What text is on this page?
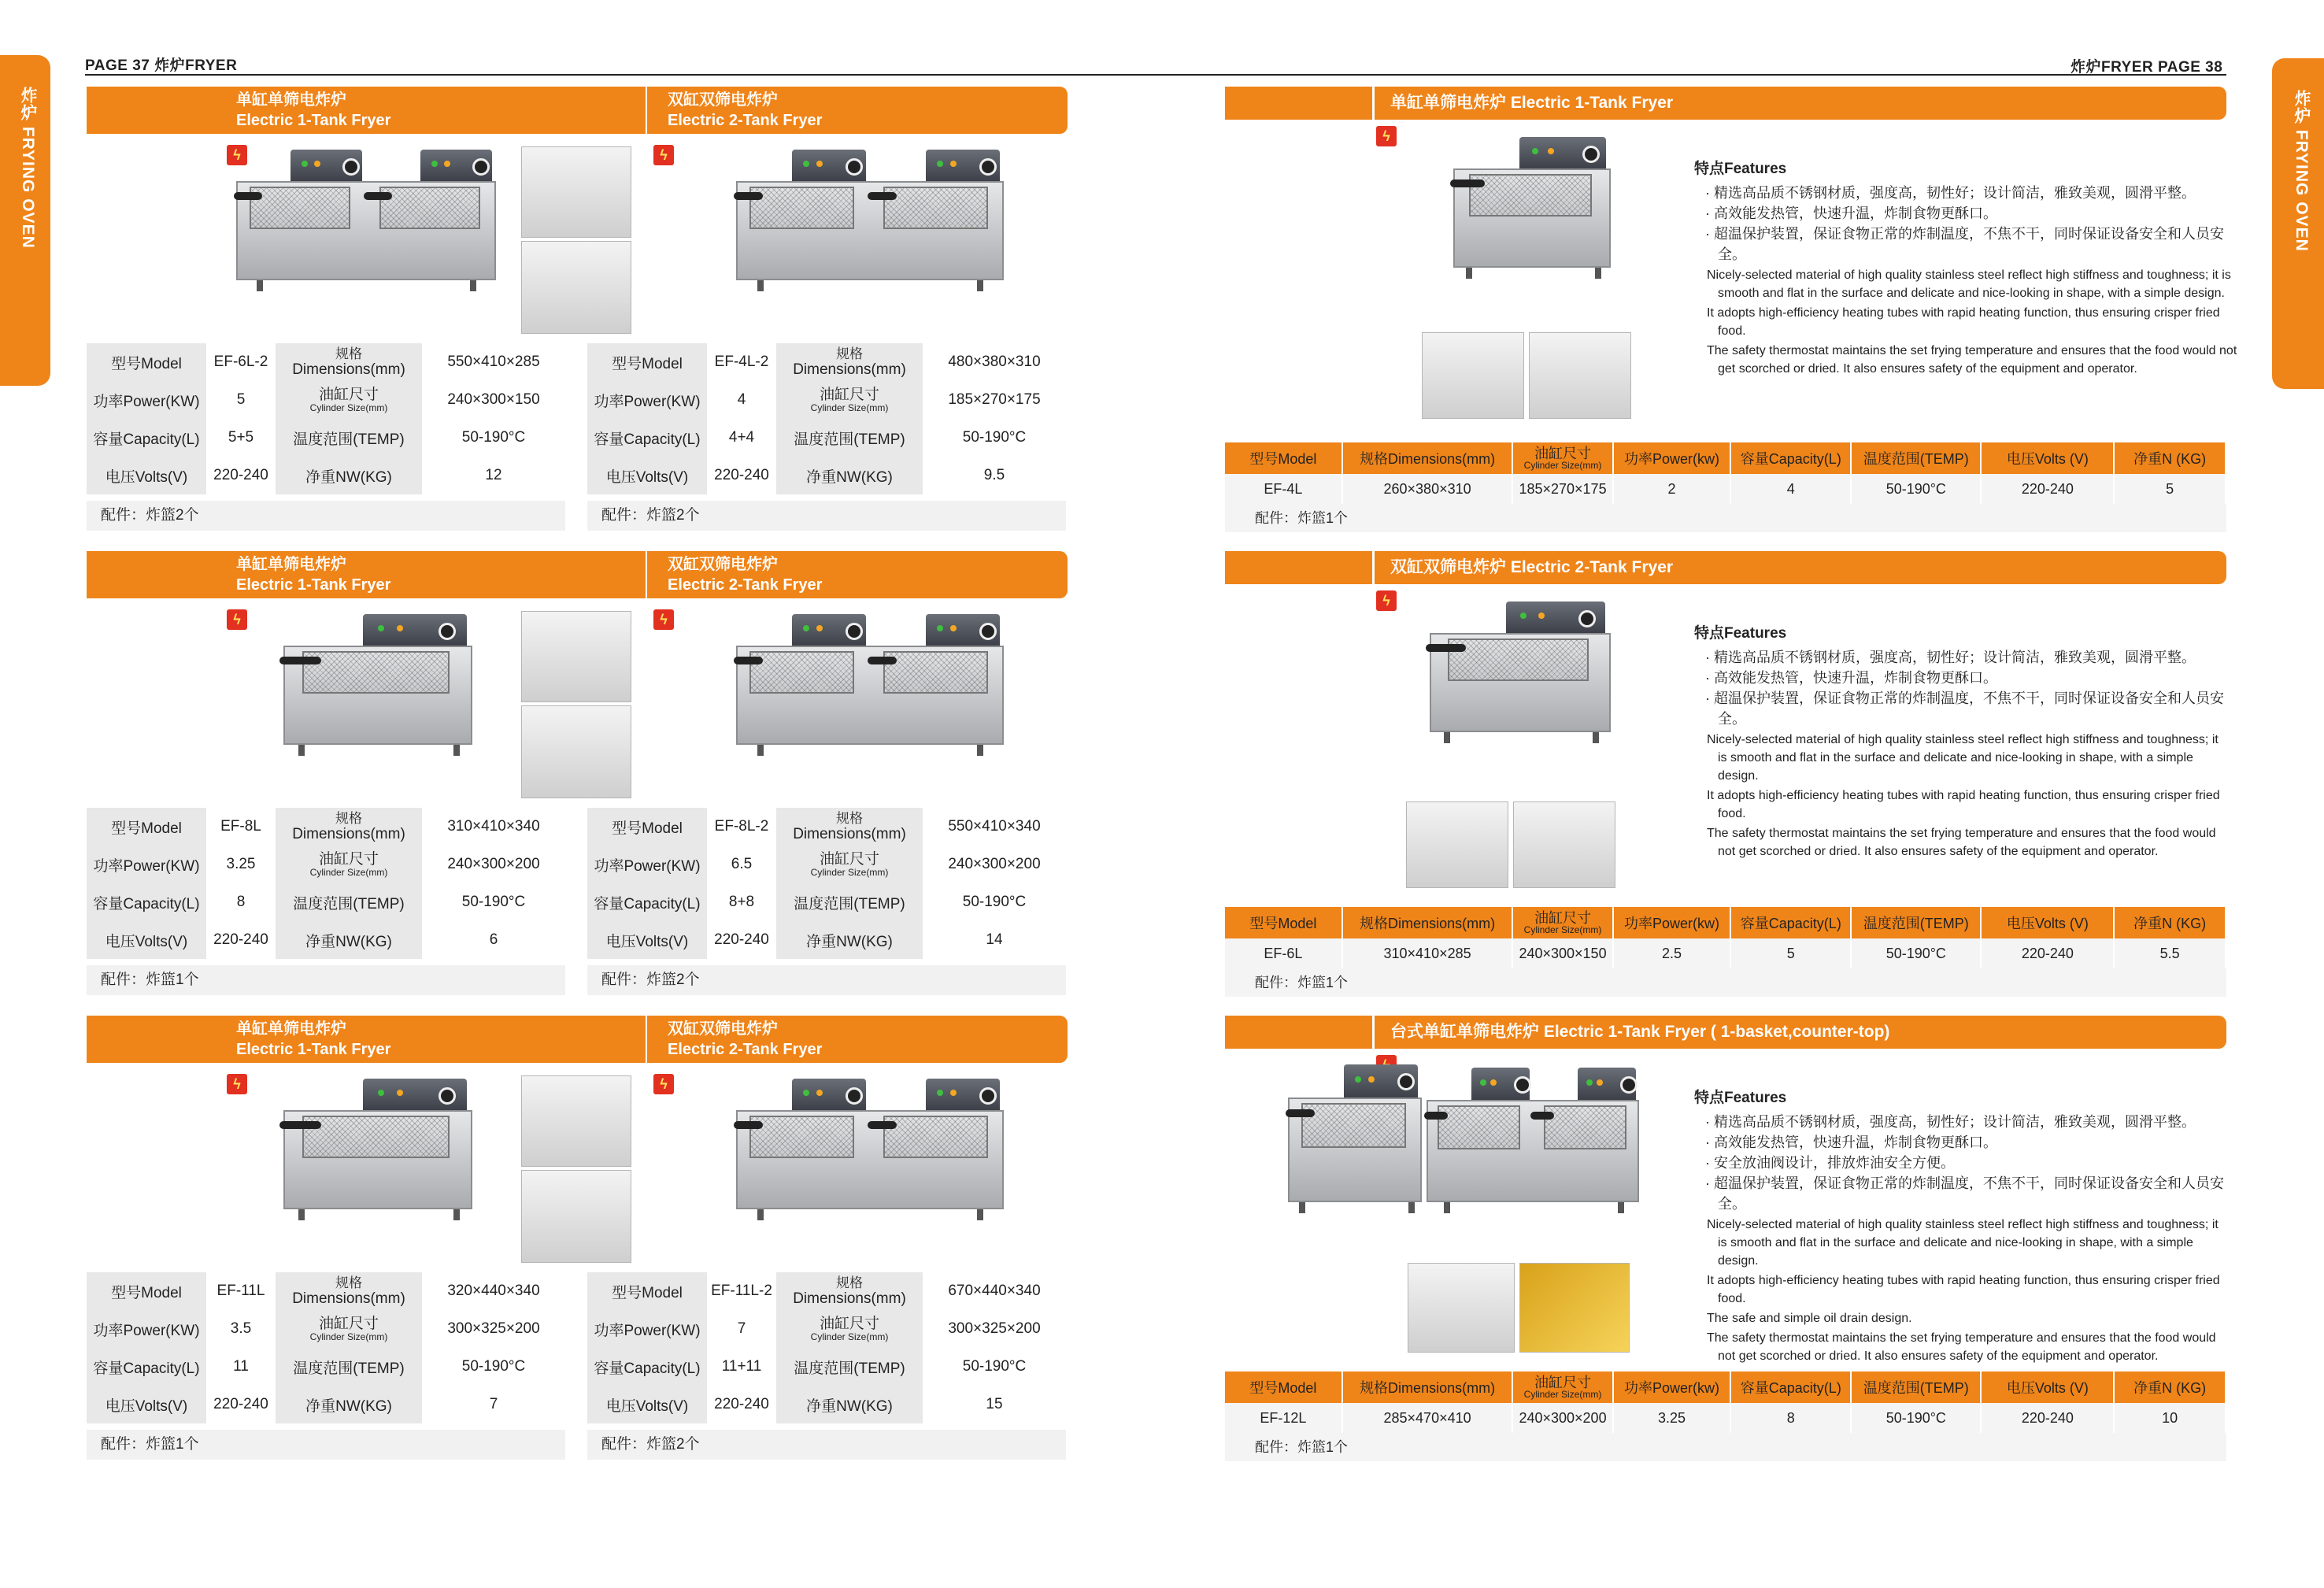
PAGE 37 炸炉FRYER
炸炉 FRYING OVEN	单缸单筛电炸炉
Electric 1-Tank Fryer
双缸双筛电炸炉
Electric 2-Tank Fryer
ϟ	ϟ
型号Model	EF-6L-2	规格
Dimensions(mm)	550×410×285
功率Power(KW)	5	油缸尺寸
Cylinder Size(mm)	240×300×150
容量Capacity(L)	5+5	温度范围(TEMP)	50-190°C
电压Volts(V)	220-240	净重NW(KG)	12
配件：炸篮2个
型号Model	EF-4L-2	规格
Dimensions(mm)	480×380×310
功率Power(KW)	4	油缸尺寸
Cylinder Size(mm)	185×270×175
容量Capacity(L)	4+4	温度范围(TEMP)	50-190°C
电压Volts(V)	220-240	净重NW(KG)	9.5
配件：炸篮2个
单缸单筛电炸炉
Electric 1-Tank Fryer
双缸双筛电炸炉
Electric 2-Tank Fryer
ϟ	ϟ
型号Model	EF-8L	规格
Dimensions(mm)	310×410×340
功率Power(KW)	3.25	油缸尺寸
Cylinder Size(mm)	240×300×200
容量Capacity(L)	8	温度范围(TEMP)	50-190°C
电压Volts(V)	220-240	净重NW(KG)	6
配件：炸篮1个
型号Model	EF-8L-2	规格
Dimensions(mm)	550×410×340
功率Power(KW)	6.5	油缸尺寸
Cylinder Size(mm)	240×300×200
容量Capacity(L)	8+8	温度范围(TEMP)	50-190°C
电压Volts(V)	220-240	净重NW(KG)	14
配件：炸篮2个
单缸单筛电炸炉
Electric 1-Tank Fryer
双缸双筛电炸炉
Electric 2-Tank Fryer
ϟ	ϟ
型号Model	EF-11L	规格
Dimensions(mm)	320×440×340
功率Power(KW)	3.5	油缸尺寸
Cylinder Size(mm)	300×325×200
容量Capacity(L)	11	温度范围(TEMP)	50-190°C
电压Volts(V)	220-240	净重NW(KG)	7
配件：炸篮1个
型号Model	EF-11L-2	规格
Dimensions(mm)	670×440×340
功率Power(KW)	7	油缸尺寸
Cylinder Size(mm)	300×325×200
容量Capacity(L)	11+11	温度范围(TEMP)	50-190°C
电压Volts(V)	220-240	净重NW(KG)	15
配件：炸篮2个
炸炉FRYER PAGE 38
炸炉 FRYING OVEN
单缸单筛电炸炉 Electric 1-Tank Fryer
ϟ
特点Features
· 精选高品质不锈钢材质，强度高，韧性好；设计简洁，雅致美观，圆滑平整。
· 高效能发热管，快速升温，炸制食物更酥口。
· 超温保护装置，保证食物正常的炸制温度，不焦不干，同时保证设备安全和人员安全。
Nicely-selected material of high quality stainless steel reflect high stiffness and toughness; it is smooth and flat in the surface and delicate and nice-looking in shape, with a simple design.
It adopts high-efficiency heating tubes with rapid heating function, thus ensuring crisper fried food.
The safety thermostat maintains the set frying temperature and ensures that the food would not get scorched or dried. It also ensures safety of the equipment and operator.
型号Model	规格Dimensions(mm)	油缸尺寸
Cylinder Size(mm)	功率Power(kw)	容量Capacity(L)	温度范围(TEMP)	电压Volts (V)	净重N (KG)
EF-4L	260×380×310	185×270×175	2	4	50-190°C	220-240	5
配件：炸篮1个
双缸双筛电炸炉 Electric 2-Tank Fryer
ϟ
特点Features
· 精选高品质不锈钢材质，强度高，韧性好；设计简洁，雅致美观，圆滑平整。
· 高效能发热管，快速升温，炸制食物更酥口。
· 超温保护装置，保证食物正常的炸制温度，不焦不干，同时保证设备安全和人员安全。
Nicely-selected material of high quality stainless steel reflect high stiffness and toughness; it is smooth and flat in the surface and delicate and nice-looking in shape, with a simple design.
It adopts high-efficiency heating tubes with rapid heating function, thus ensuring crisper fried food.
The safety thermostat maintains the set frying temperature and ensures that the food would not get scorched or dried. It also ensures safety of the equipment and operator.
型号Model	规格Dimensions(mm)	油缸尺寸
Cylinder Size(mm)	功率Power(kw)	容量Capacity(L)	温度范围(TEMP)	电压Volts (V)	净重N (KG)
EF-6L	310×410×285	240×300×150	2.5	5	50-190°C	220-240	5.5
配件：炸篮1个
台式单缸单筛电炸炉 Electric 1-Tank Fryer ( 1-basket,counter-top)
特点Features
· 精选高品质不锈钢材质，强度高，韧性好；设计简洁，雅致美观，圆滑平整。
· 高效能发热管，快速升温，炸制食物更酥口。
· 安全放油阀设计，排放炸油安全方便。
· 超温保护装置，保证食物正常的炸制温度，不焦不干，同时保证设备安全和人员安全。
Nicely-selected material of high quality stainless steel reflect high stiffness and toughness; it is smooth and flat in the surface and delicate and nice-looking in shape, with a simple design.
It adopts high-efficiency heating tubes with rapid heating function, thus ensuring crisper fried food.
The safe and simple oil drain design.
The safety thermostat maintains the set frying temperature and ensures that the food would not get scorched or dried. It also ensures safety of the equipment and operator.
型号Model	规格Dimensions(mm)	油缸尺寸
Cylinder Size(mm)	功率Power(kw)	容量Capacity(L)	温度范围(TEMP)	电压Volts (V)	净重N (KG)
EF-12L	285×470×410	240×300×200	3.25	8	50-190°C	220-240	10
配件：炸篮1个
